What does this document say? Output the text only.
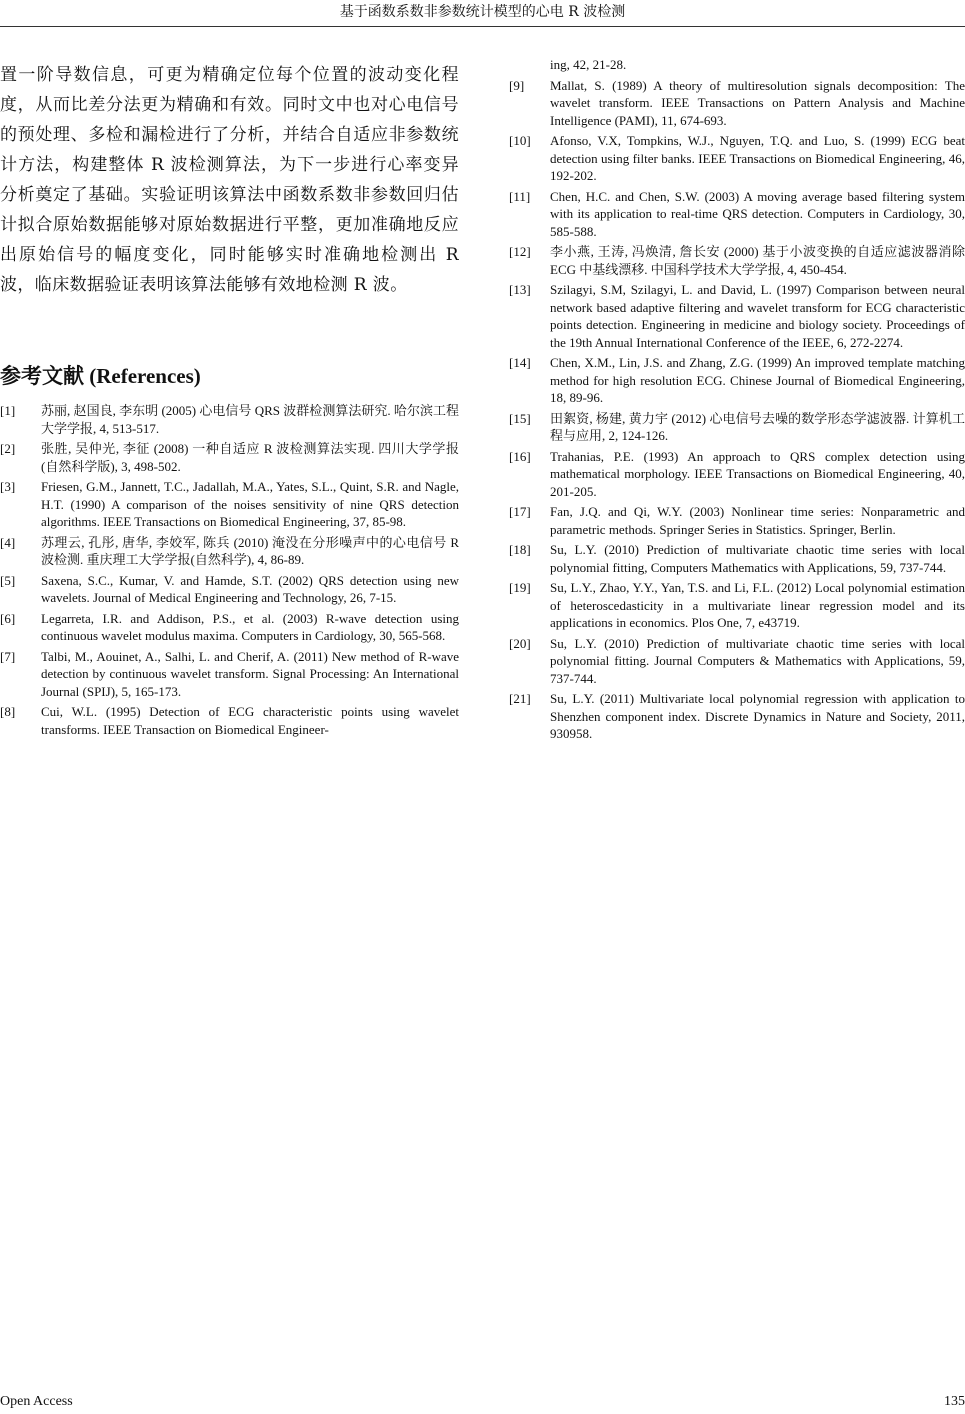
基于函数系数非参数统计模型的心电 R 波检测

置一阶导数信息，可更为精确定位每个位置的波动变化程度，从而比差分法更为精确和有效。同时文中也对心电信号的预处理、多检和漏检进行了分析，并结合自适应非参数统计方法，构建整体 R 波检测算法，为下一步进行心率变异分析奠定了基础。实验证明该算法中函数系数非参数回归估计拟合原始数据能够对原始数据进行平整，更加准确地反应出原始信号的幅度变化，同时能够实时准确地检测出 R 波，临床数据验证表明该算法能够有效地检测 R 波。

参考文献 (References)
[1]	苏丽, 赵国良, 李东明 (2005) 心电信号 QRS 波群检测算法研究. 哈尔滨工程大学学报, 4, 513-517.
[2]	张胜, 吴仲光, 李征 (2008) 一种自适应 R 波检测算法实现. 四川大学学报(自然科学版), 3, 498-502.
[3]	Friesen, G.M., Jannett, T.C., Jadallah, M.A., Yates, S.L., Quint, S.R. and Nagle, H.T. (1990) A comparison of the noises sensitivity of nine QRS detection algorithms. IEEE Transactions on Biomedical Engineering, 37, 85-98.
[4]	苏理云, 孔彤, 唐华, 李姣军, 陈兵 (2010) 淹没在分形噪声中的心电信号 R 波检测. 重庆理工大学学报(自然科学), 4, 86-89.
[5]	Saxena, S.C., Kumar, V. and Hamde, S.T. (2002) QRS detection using new wavelets. Journal of Medical Engineering and Technology, 26, 7-15.
[6]	Legarreta, I.R. and Addison, P.S., et al. (2003) R-wave detection using continuous wavelet modulus maxima. Computers in Cardiology, 30, 565-568.
[7]	Talbi, M., Aouinet, A., Salhi, L. and Cherif, A. (2011) New method of R-wave detection by continuous wavelet transform. Signal Processing: An International Journal (SPIJ), 5, 165-173.
[8]	Cui, W.L. (1995) Detection of ECG characteristic points using wavelet transforms. IEEE Transaction on Biomedical Engineer-
ing, 42, 21-28.
[9]	Mallat, S. (1989) A theory of multiresolution signals decomposition: The wavelet transform. IEEE Transactions on Pattern Analysis and Machine Intelligence (PAMI), 11, 674-693.
[10]	Afonso, V.X, Tompkins, W.J., Nguyen, T.Q. and Luo, S. (1999) ECG beat detection using filter banks. IEEE Transactions on Biomedical Engineering, 46, 192-202.
[11]	Chen, H.C. and Chen, S.W. (2003) A moving average based filtering system with its application to real-time QRS detection. Computers in Cardiology, 30, 585-588.
[12]	李小燕, 王涛, 冯焕清, 詹长安 (2000) 基于小波变换的自适应滤波器消除 ECG 中基线漂移. 中国科学技术大学学报, 4, 450-454.
[13]	Szilagyi, S.M, Szilagyi, L. and David, L. (1997) Comparison between neural network based adaptive filtering and wavelet transform for ECG characteristic points detection. Engineering in medicine and biology society. Proceedings of the 19th Annual International Conference of the IEEE, 6, 272-2274.
[14]	Chen, X.M., Lin, J.S. and Zhang, Z.G. (1999) An improved template matching method for high resolution ECG. Chinese Journal of Biomedical Engineering, 18, 89-96.
[15]	田絮资, 杨建, 黄力宇 (2012) 心电信号去噪的数学形态学滤波器. 计算机工程与应用, 2, 124-126.
[16]	Trahanias, P.E. (1993) An approach to QRS complex detection using mathematical morphology. IEEE Transactions on Biomedical Engineering, 40, 201-205.
[17]	Fan, J.Q. and Qi, W.Y. (2003) Nonlinear time series: Nonparametric and parametric methods. Springer Series in Statistics. Springer, Berlin.
[18]	Su, L.Y. (2010) Prediction of multivariate chaotic time series with local polynomial fitting, Computers Mathematics with Applications, 59, 737-744.
[19]	Su, L.Y., Zhao, Y.Y., Yan, T.S. and Li, F.L. (2012) Local polynomial estimation of heteroscedasticity in a multivariate linear regression model and its applications in economics. Plos One, 7, e43719.
[20]	Su, L.Y. (2010) Prediction of multivariate chaotic time series with local polynomial fitting. Journal Computers & Mathematics with Applications, 59, 737-744.
[21]	Su, L.Y. (2011) Multivariate local polynomial regression with application to Shenzhen component index. Discrete Dynamics in Nature and Society, 2011, 930958.
Open Access	135
